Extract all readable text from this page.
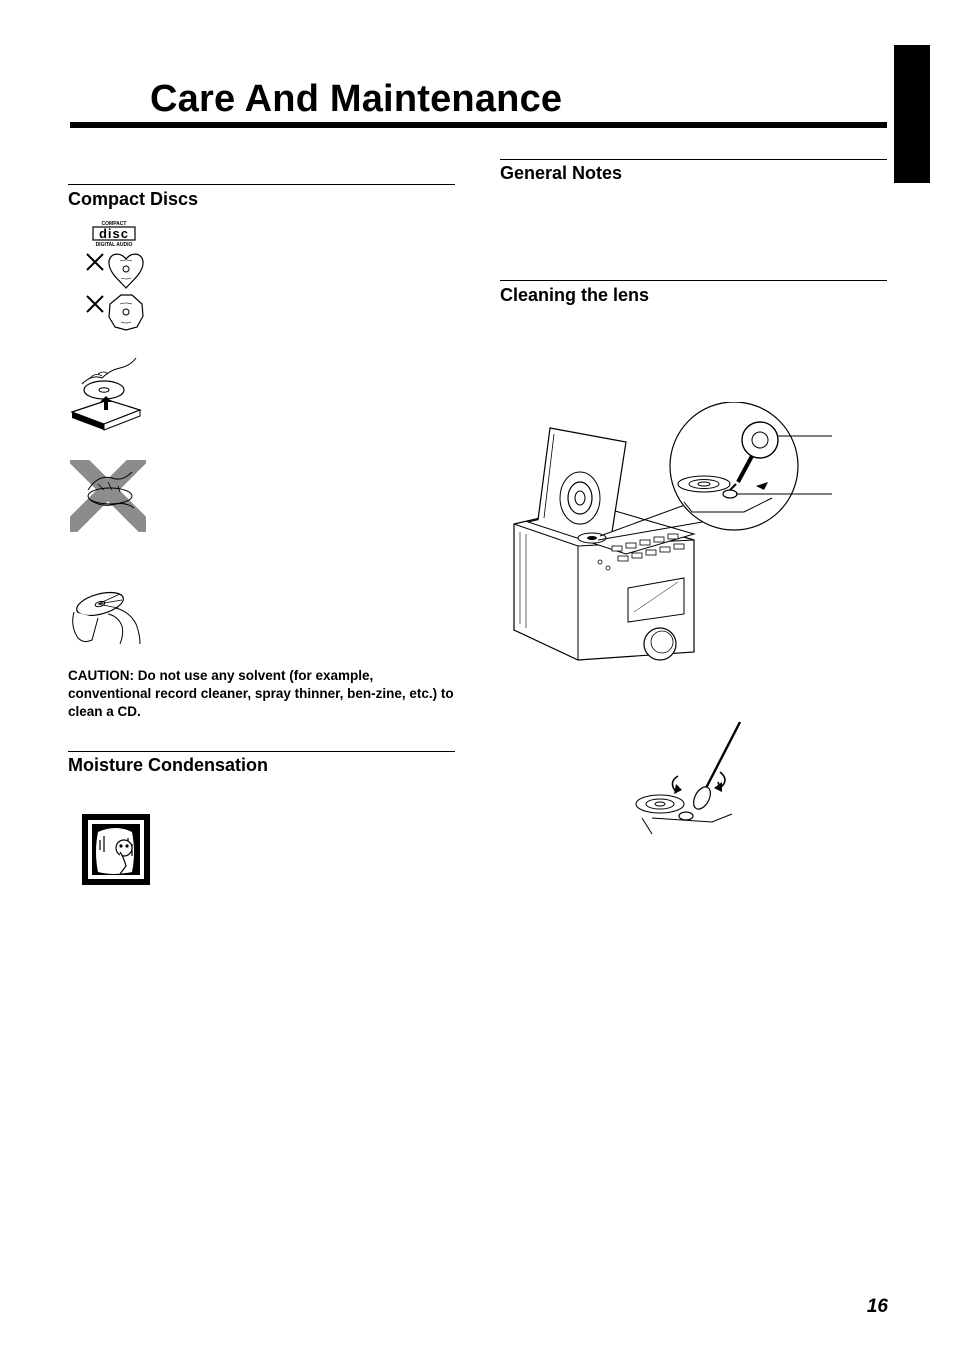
Care And Maintenance
Compact Discs
COMPACT
disc
DIGITAL AUDIO

CAUTION: Do not use any solvent (for example, conventional record cleaner, spray thinner, ben-zine, etc.) to clean a CD.

Moisture Condensation
General Notes
Cleaning the lens
16
